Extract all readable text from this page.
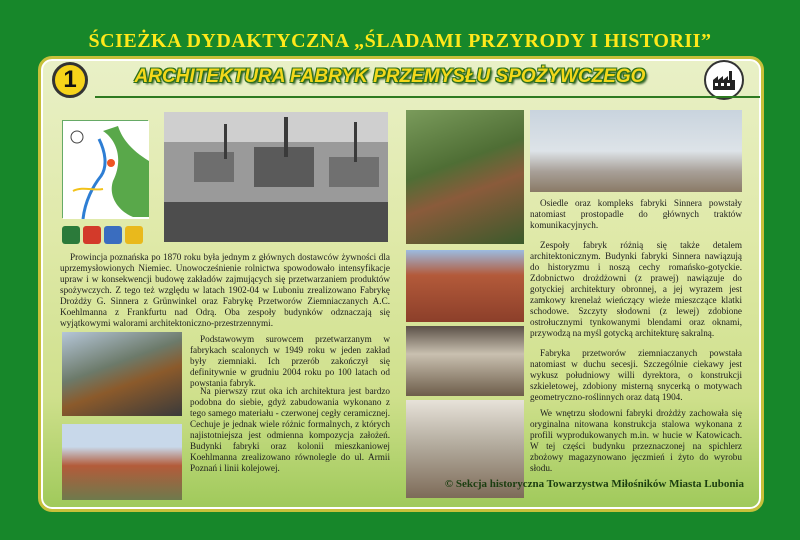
ŚCIEŻKA DYDAKTYCZNA „ŚLADAMI PRZYRODY I HISTORII”
1	ARCHITEKTURA FABRYK PRZEMYSŁU SPOŻYWCZEGO
Prowincja poznańska po 1870 roku była jednym z głównych dostawców żywności dla uprzemysłowionych Niemiec. Unowocześnienie rolnictwa spowodowało intensyfikacje upraw i w konsekwencji budowę zakładów zajmujących się przetwarzaniem produktów spożywczych. Z tego też względu w latach 1902-04 w Luboniu zrealizowano Fabrykę Drożdży G. Sinnera z Grünwinkel oraz Fabrykę Przetworów Ziemniaczanych A.C. Koehlmanna z Frankfurtu nad Odrą. Oba zespoły budynków odznaczają się wyjątkowymi walorami architektoniczno-przestrzennymi.
Podstawowym surowcem przetwarzanym w fabrykach scalonych w 1949 roku w jeden zakład były ziemniaki. Ich przerób zakończył się definitywnie w grudniu 2004 roku po 100 latach od powstania fabryk.
Na pierwszy rzut oka ich architektura jest bardzo podobna do siebie, gdyż zabudowania wykonano z tego samego materiału - czerwonej cegły ceramicznej. Cechuje je jednak wiele różnic formalnych, z których najistotniejsza jest odmienna kompozycja założeń. Budynki fabryki oraz kolonii mieszkaniowej Koehlmanna zrealizowano równolegle do ul. Armii Poznań i linii kolejowej.
Osiedle oraz kompleks fabryki Sinnera powstały natomiast prostopadle do głównych traktów komunikacyjnych.
Zespoły fabryk różnią się także detalem architektonicznym. Budynki fabryki Sinnera nawiązują do historyzmu i noszą cechy romańsko-gotyckie. Zdobnictwo drożdżowni (z prawej) nawiązuje do gotyckiej architektury obronnej, a jej wyrazem jest zamkowy krenelaż wieńczący wieże mieszczące klatki schodowe. Szczyty słodowni (z lewej) zdobione ostrołucznymi tynkowanymi blendami oraz oknami, przywodzą na myśl gotycką architekturę sakralną.
Fabryka przetworów ziemniaczanych powstała natomiast w duchu secesji. Szczególnie ciekawy jest wykusz południowy willi dyrektora, o konstrukcji szkieletowej, zdobiony misterną snycerką o motywach geometryczno-roślinnych oraz datą 1904.
We wnętrzu słodowni fabryki drożdży zachowała się oryginalna nitowana konstrukcja stalowa wykonana z profili wyprodukowanych m.in. w hucie w Katowicach. W tej części budynku przeznaczonej na spichlerz zbożowy magazynowano jęczmień i żyto do wyrobu słodu.
© Sekcja historyczna Towarzystwa Miłośników Miasta Lubonia
